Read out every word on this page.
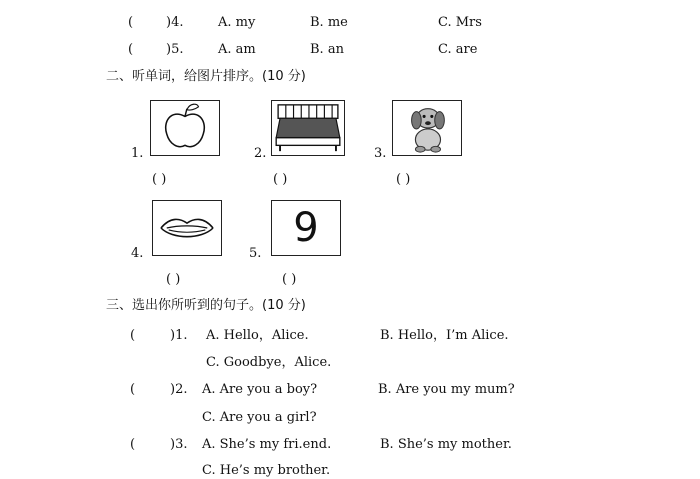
(	)4.	A. my	B. me	C. Mrs
(	)5.	A. am	B. an	C. are
二、听单词，给图片排序。(10 分)
1.
( )
2.
( )
3.
( )
4.
( )
5.
9
( )
三、选出你所听到的句子。(10 分)
(	)1. A. Hello，Alice.	B. Hello，I’m Alice.
C. Goodbye，Alice.
(	)2. A. Are you a boy?	B. Are you my mum?
C. Are you a girl?
(	)3. A. She’s my fri.end.	B. She’s my mother.
C. He’s my brother.
